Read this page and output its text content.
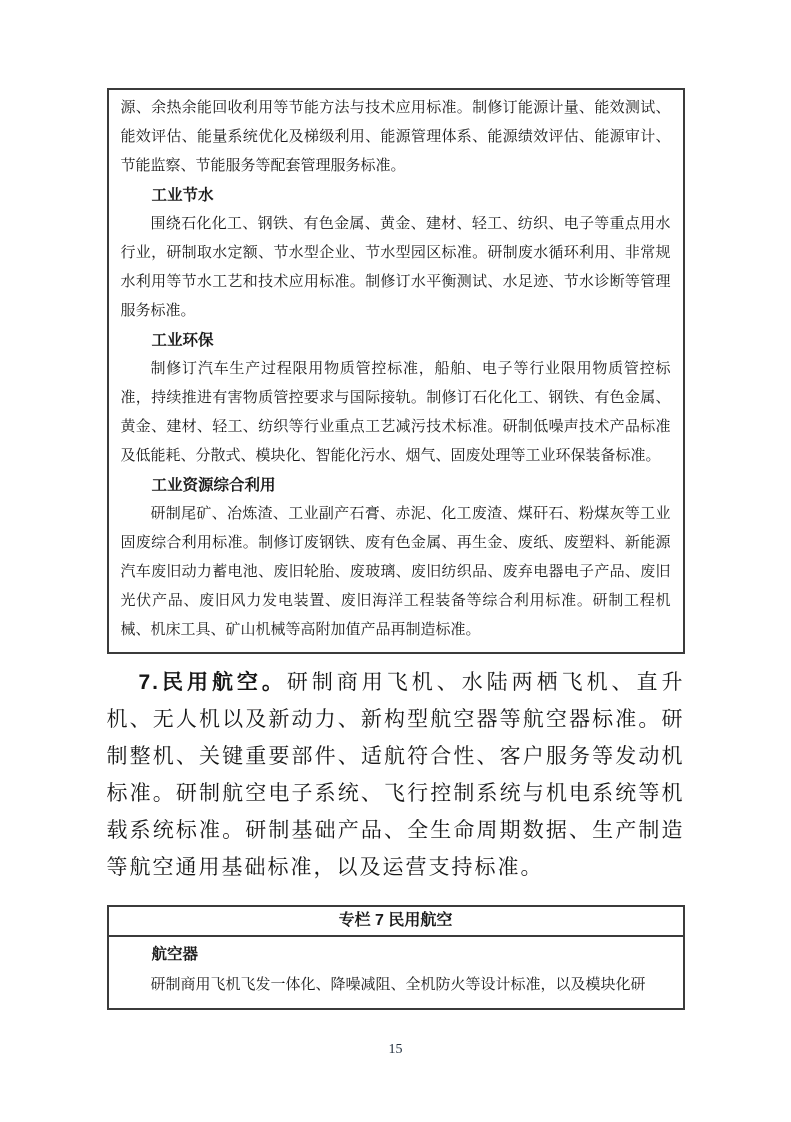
源、余热余能回收利用等节能方法与技术应用标准。制修订能源计量、能效测试、能效评估、能量系统优化及梯级利用、能源管理体系、能源绩效评估、能源审计、节能监察、节能服务等配套管理服务标准。

工业节水

围绕石化化工、钢铁、有色金属、黄金、建材、轻工、纺织、电子等重点用水行业，研制取水定额、节水型企业、节水型园区标准。研制废水循环利用、非常规水利用等节水工艺和技术应用标准。制修订水平衡测试、水足迹、节水诊断等管理服务标准。

工业环保

制修订汽车生产过程限用物质管控标准，船舶、电子等行业限用物质管控标准，持续推进有害物质管控要求与国际接轨。制修订石化化工、钢铁、有色金属、黄金、建材、轻工、纺织等行业重点工艺减污技术标准。研制低噪声技术产品标准及低能耗、分散式、模块化、智能化污水、烟气、固废处理等工业环保装备标准。

工业资源综合利用

研制尾矿、冶炼渣、工业副产石膏、赤泥、化工废渣、煤矸石、粉煤灰等工业固废综合利用标准。制修订废钢铁、废有色金属、再生金、废纸、废塑料、新能源汽车废旧动力蓄电池、废旧轮胎、废玻璃、废旧纺织品、废弃电器电子产品、废旧光伏产品、废旧风力发电装置、废旧海洋工程装备等综合利用标准。研制工程机械、机床工具、矿山机械等高附加值产品再制造标准。

7.民用航空。研制商用飞机、水陆两栖飞机、直升机、无人机以及新动力、新构型航空器等航空器标准。研制整机、关键重要部件、适航符合性、客户服务等发动机标准。研制航空电子系统、飞行控制系统与机电系统等机载系统标准。研制基础产品、全生命周期数据、生产制造等航空通用基础标准，以及运营支持标准。

专栏 7 民用航空
航空器

研制商用飞机飞发一体化、降噪减阻、全机防火等设计标准，以及模块化研

15
